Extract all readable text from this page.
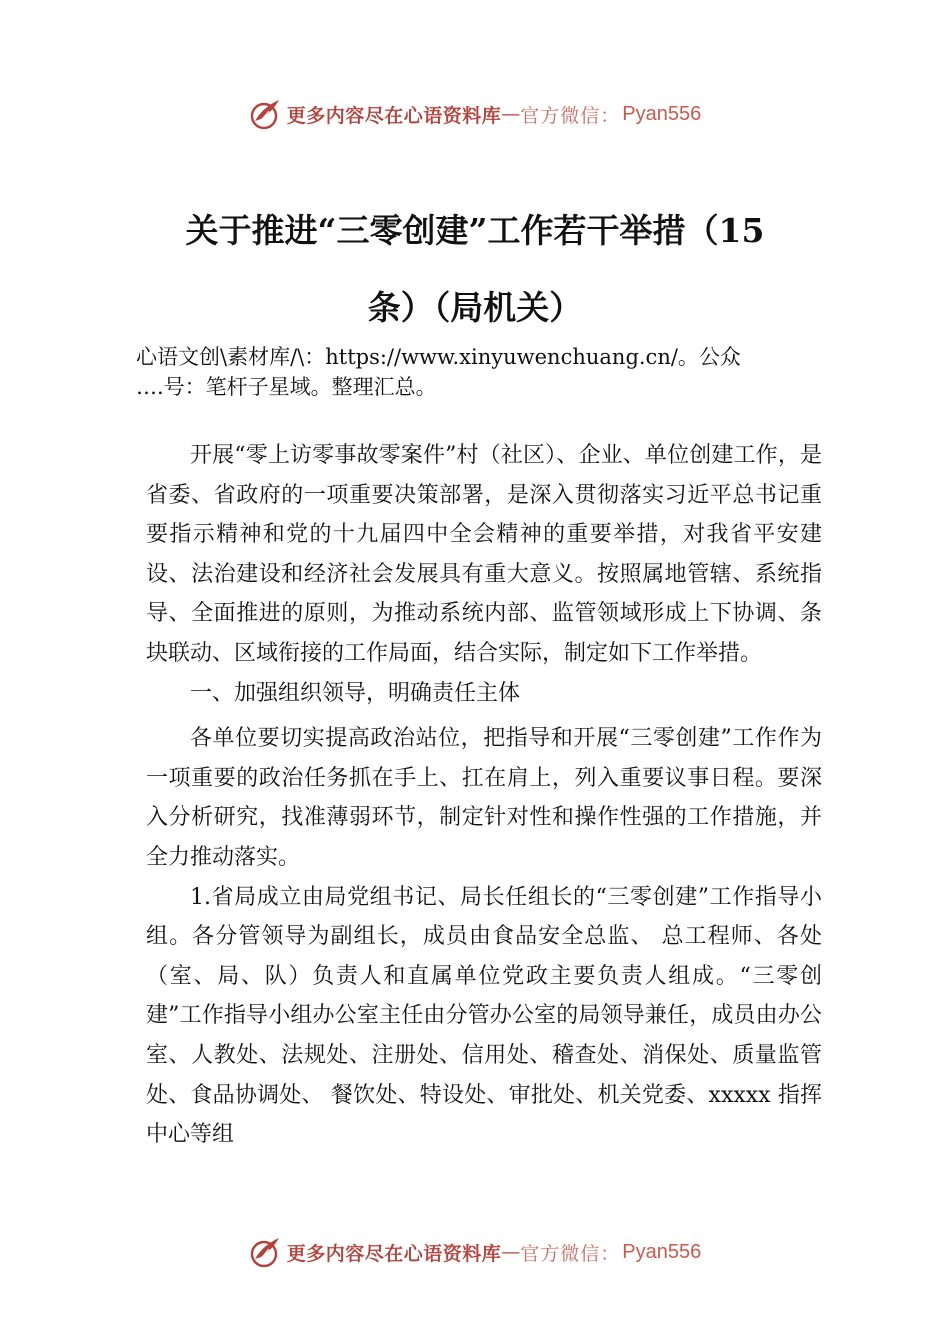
更多内容尽在心语资料库 — 官方微信： Pyan556
关于推进“三零创建”工作若干举措（15
条）（局机关）
心语文创\素材库/\：https://www.xinyuwenchuang.cn/。公众
….号：笔杆子星域。整理汇总。

开展“零上访零事故零案件”村（社区）、企业、单位创建工作，是省委、省政府的一项重要决策部署，是深入贯彻落实习近平总书记重要指示精神和党的十九届四中全会精神的重要举措，对我省平安建设、法治建设和经济社会发展具有重大意义。按照属地管辖、系统指导、全面推进的原则，为推动系统内部、监管领域形成上下协调、条块联动、区域衔接的工作局面，结合实际，制定如下工作举措。

一、加强组织领导，明确责任主体

各单位要切实提高政治站位，把指导和开展“三零创建”工作作为一项重要的政治任务抓在手上、扛在肩上，列入重要议事日程。要深入分析研究，找准薄弱环节，制定针对性和操作性强的工作措施，并全力推动落实。

1.省局成立由局党组书记、局长任组长的“三零创建”工作指导小组。各分管领导为副组长，成员由食品安全总监、 总工程师、各处（室、局、队）负责人和直属单位党政主要负责人组成。“三零创建”工作指导小组办公室主任由分管办公室的局领导兼任，成员由办公室、人教处、法规处、注册处、信用处、稽查处、消保处、质量监管处、食品协调处、 餐饮处、特设处、审批处、机关党委、xxxxx 指挥中心等组

更多内容尽在心语资料库 — 官方微信： Pyan556
